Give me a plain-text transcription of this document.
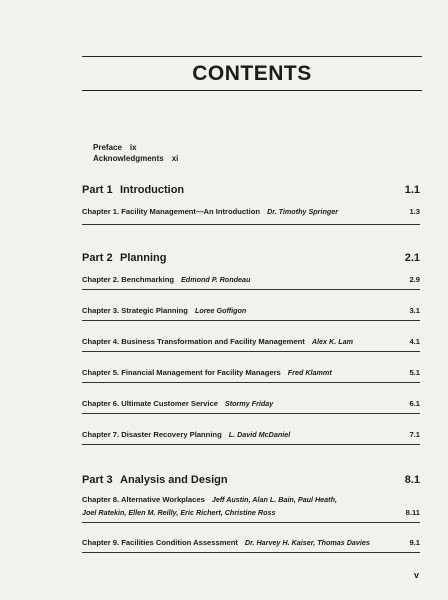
CONTENTS
Preface ix
Acknowledgments xi
Part 1 Introduction	1.1
Chapter 1. Facility Management—An Introduction Dr. Timothy Springer	1.3
Part 2 Planning	2.1
Chapter 2. Benchmarking Edmond P. Rondeau	2.9
Chapter 3. Strategic Planning Loree Goffigon	3.1
Chapter 4. Business Transformation and Facility Management Alex K. Lam	4.1
Chapter 5. Financial Management for Facility Managers Fred Klammt	5.1
Chapter 6. Ultimate Customer Service Stormy Friday	6.1
Chapter 7. Disaster Recovery Planning L. David McDaniel	7.1
Part 3 Analysis and Design	8.1
Chapter 8. Alternative Workplaces Jeff Austin, Alan L. Bain, Paul Heath,
Joel Ratekin, Ellen M. Reilly, Eric Richert, Christine Ross	8.11
Chapter 9. Facilities Condition Assessment Dr. Harvey H. Kaiser, Thomas Davies	9.1
v
